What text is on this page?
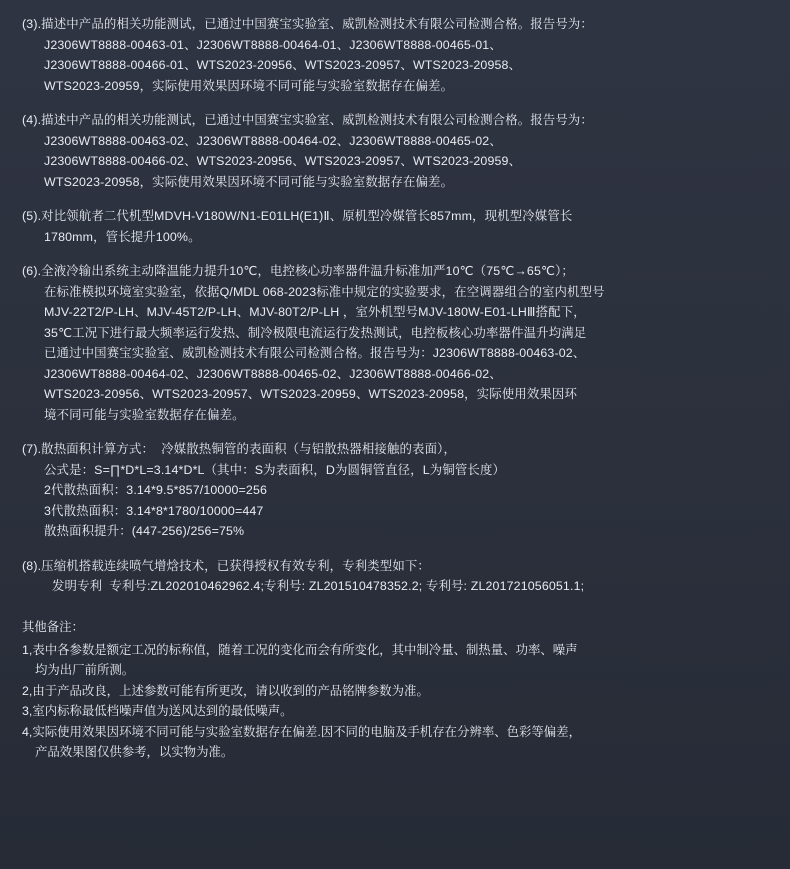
(3).描述中产品的相关功能测试，已通过中国赛宝实验室、威凯检测技术有限公司检测合格。报告号为：
J2306WT8888-00463-01、J2306WT8888-00464-01、J2306WT8888-00465-01、
J2306WT8888-00466-01、WTS2023-20956、WTS2023-20957、WTS2023-20958、
WTS2023-20959，实际使用效果因环境不同可能与实验室数据存在偏差。
(4).描述中产品的相关功能测试，已通过中国赛宝实验室、威凯检测技术有限公司检测合格。报告号为：
J2306WT8888-00463-02、J2306WT8888-00464-02、J2306WT8888-00465-02、
J2306WT8888-00466-02、WTS2023-20956、WTS2023-20957、WTS2023-20959、
WTS2023-20958，实际使用效果因环境不同可能与实验室数据存在偏差。
(5).对比领航者二代机型MDVH-V180W/N1-E01LH(E1)Ⅱ、原机型冷媒管长857mm，现机型冷媒管长
1780mm，管长提升100%。
(6).全液冷输出系统主动降温能力提升10℃，电控核心功率器件温升标准加严10℃（75℃→65℃）；
在标准模拟环境室实验室，依据Q/MDL 068-2023标准中规定的实验要求，在空调器组合的室内机型号
MJV-22T2/P-LH、MJV-45T2/P-LH、MJV-80T2/P-LH ，室外机型号MJV-180W-E01-LHⅢ搭配下，
35℃工况下进行最大频率运行发热、制冷极限电流运行发热测试，电控板核心功率器件温升均满足
已通过中国赛宝实验室、威凯检测技术有限公司检测合格。报告号为：J2306WT8888-00463-02、
J2306WT8888-00464-02、J2306WT8888-00465-02、J2306WT8888-00466-02、
WTS2023-20956、WTS2023-20957、WTS2023-20959、WTS2023-20958，实际使用效果因环
境不同可能与实验室数据存在偏差。
(7).散热面积计算方式：  冷媒散热铜管的表面积（与铝散热器相接触的表面），
公式是：S=∏*D*L=3.14*D*L（其中：S为表面积，D为圆铜管直径，L为铜管长度）
2代散热面积：3.14*9.5*857/10000=256
3代散热面积：3.14*8*1780/10000=447
散热面积提升：(447-256)/256=75%
(8).压缩机搭载连续喷气增焓技术，已获得授权有效专利，专利类型如下：
发明专利  专利号:ZL202010462962.4;专利号: ZL201510478352.2; 专利号: ZL201721056051.1;
其他备注：
1,表中各参数是额定工况的标称值，随着工况的变化而会有所变化，其中制冷量、制热量、功率、噪声
均为出厂前所测。
2,由于产品改良，上述参数可能有所更改，请以收到的产品铭牌参数为准。
3,室内标称最低档噪声值为送风达到的最低噪声。
4,实际使用效果因环境不同可能与实验室数据存在偏差.因不同的电脑及手机存在分辨率、色彩等偏差，
产品效果图仅供参考，以实物为准。
